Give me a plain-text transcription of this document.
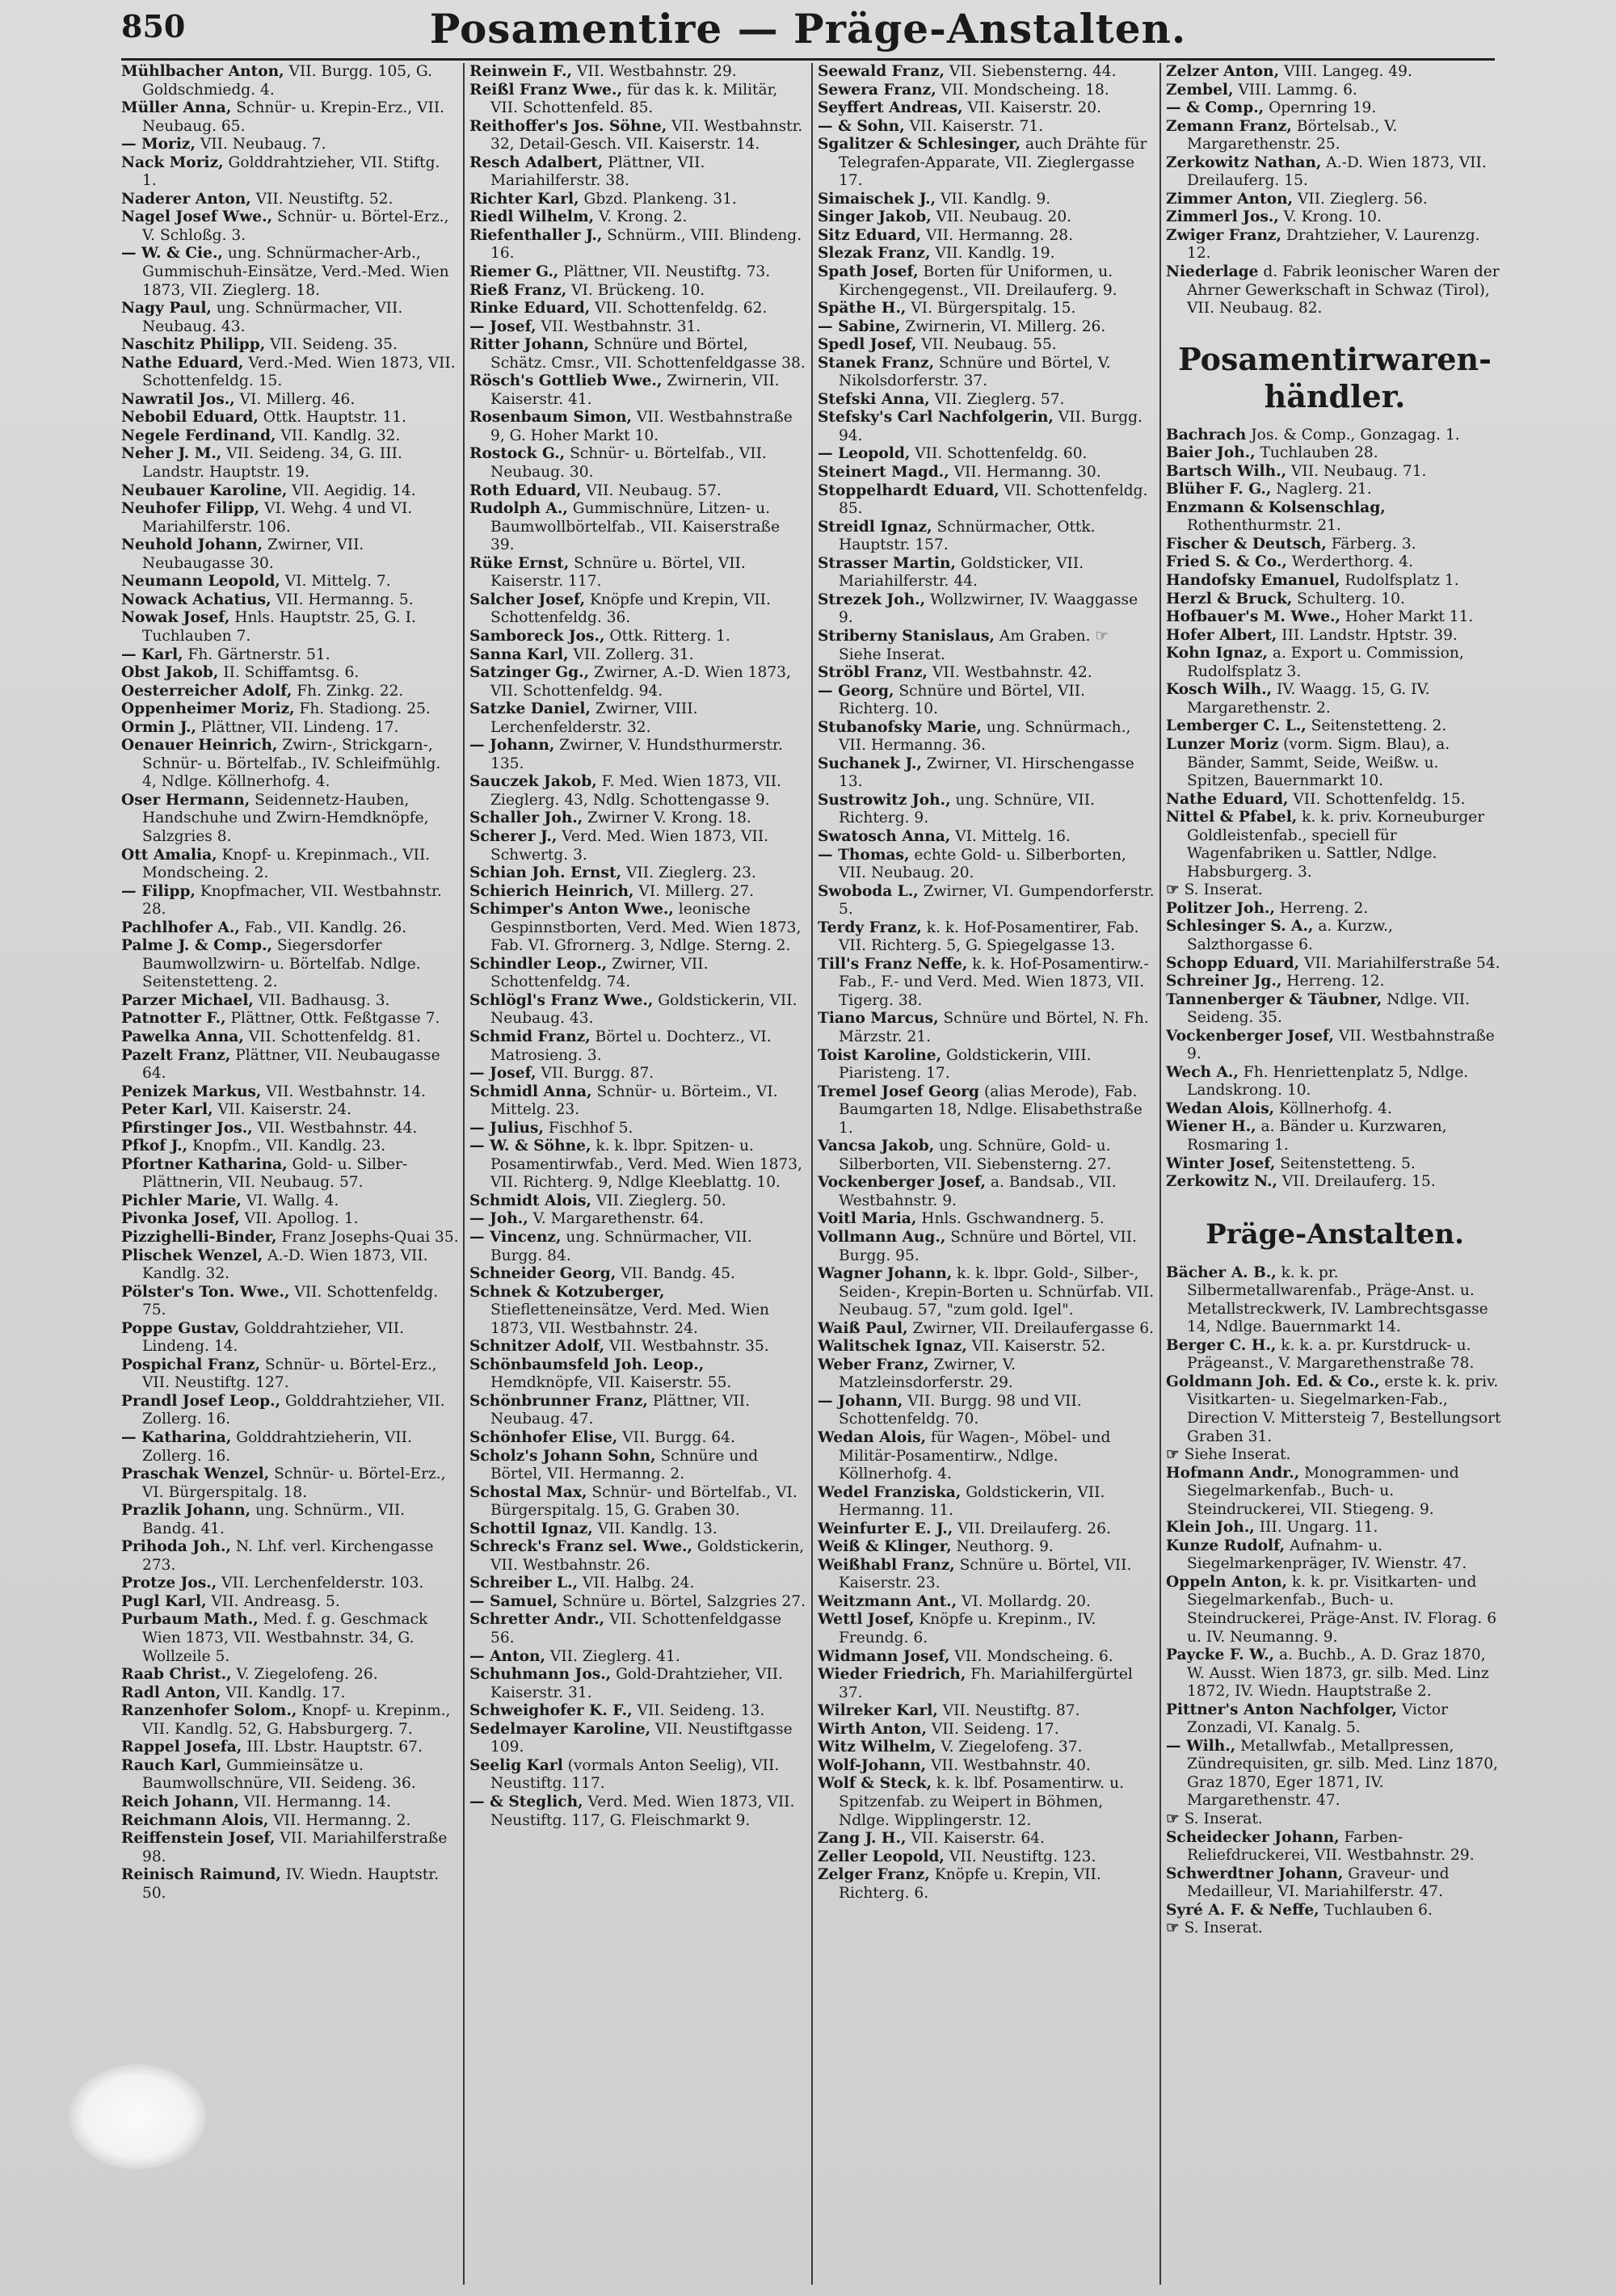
850	Posamentire — Präge-Anstalten.

Mühlbacher Anton, VII. Burgg. 105, G. Goldschmiedg. 4.

Müller Anna, Schnür- u. Krepin-Erz., VII. Neubaug. 65.

— Moriz, VII. Neubaug. 7.

Nack Moriz, Golddrahtzieher, VII. Stiftg. 1.

Naderer Anton, VII. Neustiftg. 52.

Nagel Josef Wwe., Schnür- u. Börtel-Erz., V. Schloßg. 3.

— W. & Cie., ung. Schnürmacher-Arb., Gummischuh-Einsätze, Verd.-Med. Wien 1873, VII. Zieglerg. 18.

Nagy Paul, ung. Schnürmacher, VII. Neubaug. 43.

Naschitz Philipp, VII. Seideng. 35.

Nathe Eduard, Verd.-Med. Wien 1873, VII. Schottenfeldg. 15.

Nawratil Jos., VI. Millerg. 46.

Nebobil Eduard, Ottk. Hauptstr. 11.

Negele Ferdinand, VII. Kandlg. 32.

Neher J. M., VII. Seideng. 34, G. III. Landstr. Hauptstr. 19.

Neubauer Karoline, VII. Aegidig. 14.

Neuhofer Filipp, VI. Wehg. 4 und VI. Mariahilferstr. 106.

Neuhold Johann, Zwirner, VII. Neubaugasse 30.

Neumann Leopold, VI. Mittelg. 7.

Nowack Achatius, VII. Hermanng. 5.

Nowak Josef, Hnls. Hauptstr. 25, G. I. Tuchlauben 7.

— Karl, Fh. Gärtnerstr. 51.

Obst Jakob, II. Schiffamtsg. 6.

Oesterreicher Adolf, Fh. Zinkg. 22.

Oppenheimer Moriz, Fh. Stadiong. 25.

Ormin J., Plättner, VII. Lindeng. 17.

Oenauer Heinrich, Zwirn-, Strickgarn-, Schnür- u. Börtelfab., IV. Schleifmühlg. 4, Ndlge. Köllnerhofg. 4.

Oser Hermann, Seidennetz-Hauben, Handschuhe und Zwirn-Hemdknöpfe, Salzgries 8.

Ott Amalia, Knopf- u. Krepinmach., VII. Mondscheing. 2.

— Filipp, Knopfmacher, VII. Westbahnstr. 28.

Pachlhofer A., Fab., VII. Kandlg. 26.

Palme J. & Comp., Siegersdorfer Baumwollzwirn- u. Börtelfab. Ndlge. Seitenstetteng. 2.

Parzer Michael, VII. Badhausg. 3.

Patnotter F., Plättner, Ottk. Feßtgasse 7.

Pawelka Anna, VII. Schottenfeldg. 81.

Pazelt Franz, Plättner, VII. Neubaugasse 64.

Penizek Markus, VII. Westbahnstr. 14.

Peter Karl, VII. Kaiserstr. 24.

Pfirstinger Jos., VII. Westbahnstr. 44.

Pfkof J., Knopfm., VII. Kandlg. 23.

Pfortner Katharina, Gold- u. Silber-Plättnerin, VII. Neubaug. 57.

Pichler Marie, VI. Wallg. 4.

Pivonka Josef, VII. Apollog. 1.

Pizzighelli-Binder, Franz Josephs-Quai 35.

Plischek Wenzel, A.-D. Wien 1873, VII. Kandlg. 32.

Pölster's Ton. Wwe., VII. Schottenfeldg. 75.

Poppe Gustav, Golddrahtzieher, VII. Lindeng. 14.

Pospichal Franz, Schnür- u. Börtel-Erz., VII. Neustiftg. 127.

Prandl Josef Leop., Golddrahtzieher, VII. Zollerg. 16.

— Katharina, Golddrahtzieherin, VII. Zollerg. 16.

Praschak Wenzel, Schnür- u. Börtel-Erz., VI. Bürgerspitalg. 18.

Prazlik Johann, ung. Schnürm., VII. Bandg. 41.

Prihoda Joh., N. Lhf. verl. Kirchengasse 273.

Protze Jos., VII. Lerchenfelderstr. 103.

Pugl Karl, VII. Andreasg. 5.

Purbaum Math., Med. f. g. Geschmack Wien 1873, VII. Westbahnstr. 34, G. Wollzeile 5.

Raab Christ., V. Ziegelofeng. 26.

Radl Anton, VII. Kandlg. 17.

Ranzenhofer Solom., Knopf- u. Krepinm., VII. Kandlg. 52, G. Habsburgerg. 7.

Rappel Josefa, III. Lbstr. Hauptstr. 67.

Rauch Karl, Gummieinsätze u. Baumwollschnüre, VII. Seideng. 36.

Reich Johann, VII. Hermanng. 14.

Reichmann Alois, VII. Hermanng. 2.

Reiffenstein Josef, VII. Mariahilferstraße 98.

Reinisch Raimund, IV. Wiedn. Hauptstr. 50.

Reinwein F., VII. Westbahnstr. 29.

Reißl Franz Wwe., für das k. k. Militär, VII. Schottenfeld. 85.

Reithoffer's Jos. Söhne, VII. Westbahnstr. 32, Detail-Gesch. VII. Kaiserstr. 14.

Resch Adalbert, Plättner, VII. Mariahilferstr. 38.

Richter Karl, Gbzd. Plankeng. 31.

Riedl Wilhelm, V. Krong. 2.

Riefenthaller J., Schnürm., VIII. Blindeng. 16.

Riemer G., Plättner, VII. Neustiftg. 73.

Rieß Franz, VI. Brückeng. 10.

Rinke Eduard, VII. Schottenfeldg. 62.

— Josef, VII. Westbahnstr. 31.

Ritter Johann, Schnüre und Börtel, Schätz. Cmsr., VII. Schottenfeldgasse 38.

Rösch's Gottlieb Wwe., Zwirnerin, VII. Kaiserstr. 41.

Rosenbaum Simon, VII. Westbahnstraße 9, G. Hoher Markt 10.

Rostock G., Schnür- u. Börtelfab., VII. Neubaug. 30.

Roth Eduard, VII. Neubaug. 57.

Rudolph A., Gummischnüre, Litzen- u. Baumwollbörtelfab., VII. Kaiserstraße 39.

Rüke Ernst, Schnüre u. Börtel, VII. Kaiserstr. 117.

Salcher Josef, Knöpfe und Krepin, VII. Schottenfeldg. 36.

Samboreck Jos., Ottk. Ritterg. 1.

Sanna Karl, VII. Zollerg. 31.

Satzinger Gg., Zwirner, A.-D. Wien 1873, VII. Schottenfeldg. 94.

Satzke Daniel, Zwirner, VIII. Lerchenfelderstr. 32.

— Johann, Zwirner, V. Hundsthurmerstr. 135.

Sauczek Jakob, F. Med. Wien 1873, VII. Zieglerg. 43, Ndlg. Schottengasse 9.

Schaller Joh., Zwirner V. Krong. 18.

Scherer J., Verd. Med. Wien 1873, VII. Schwertg. 3.

Schian Joh. Ernst, VII. Zieglerg. 23.

Schierich Heinrich, VI. Millerg. 27.

Schimper's Anton Wwe., leonische Gespinnstborten, Verd. Med. Wien 1873, Fab. VI. Gfrornerg. 3, Ndlge. Sterng. 2.

Schindler Leop., Zwirner, VII. Schottenfeldg. 74.

Schlögl's Franz Wwe., Goldstickerin, VII. Neubaug. 43.

Schmid Franz, Börtel u. Dochterz., VI. Matrosieng. 3.

— Josef, VII. Burgg. 87.

Schmidl Anna, Schnür- u. Börteim., VI. Mittelg. 23.

— Julius, Fischhof 5.

— W. & Söhne, k. k. lbpr. Spitzen- u. Posamentirwfab., Verd. Med. Wien 1873, VII. Richterg. 9, Ndlge Kleeblattg. 10.

Schmidt Alois, VII. Zieglerg. 50.

— Joh., V. Margarethenstr. 64.

— Vincenz, ung. Schnürmacher, VII. Burgg. 84.

Schneider Georg, VII. Bandg. 45.

Schnek & Kotzuberger, Stiefletteneinsätze, Verd. Med. Wien 1873, VII. Westbahnstr. 24.

Schnitzer Adolf, VII. Westbahnstr. 35.

Schönbaumsfeld Joh. Leop., Hemdknöpfe, VII. Kaiserstr. 55.

Schönbrunner Franz, Plättner, VII. Neubaug. 47.

Schönhofer Elise, VII. Burgg. 64.

Scholz's Johann Sohn, Schnüre und Börtel, VII. Hermanng. 2.

Schostal Max, Schnür- und Börtelfab., VI. Bürgerspitalg. 15, G. Graben 30.

Schottil Ignaz, VII. Kandlg. 13.

Schreck's Franz sel. Wwe., Goldstickerin, VII. Westbahnstr. 26.

Schreiber L., VII. Halbg. 24.

— Samuel, Schnüre u. Börtel, Salzgries 27.

Schretter Andr., VII. Schottenfeldgasse 56.

— Anton, VII. Zieglerg. 41.

Schuhmann Jos., Gold-Drahtzieher, VII. Kaiserstr. 31.

Schweighofer K. F., VII. Seideng. 13.

Sedelmayer Karoline, VII. Neustiftgasse 109.

Seelig Karl (vormals Anton Seelig), VII. Neustiftg. 117.

— & Steglich, Verd. Med. Wien 1873, VII. Neustiftg. 117, G. Fleischmarkt 9.

Seewald Franz, VII. Siebensterng. 44.

Sewera Franz, VII. Mondscheing. 18.

Seyffert Andreas, VII. Kaiserstr. 20.

— & Sohn, VII. Kaiserstr. 71.

Sgalitzer & Schlesinger, auch Drähte für Telegrafen-Apparate, VII. Zieglergasse 17.

Simaischek J., VII. Kandlg. 9.

Singer Jakob, VII. Neubaug. 20.

Sitz Eduard, VII. Hermanng. 28.

Slezak Franz, VII. Kandlg. 19.

Spath Josef, Borten für Uniformen, u. Kirchengegenst., VII. Dreilauferg. 9.

Späthe H., VI. Bürgerspitalg. 15.

— Sabine, Zwirnerin, VI. Millerg. 26.

Spedl Josef, VII. Neubaug. 55.

Stanek Franz, Schnüre und Börtel, V. Nikolsdorferstr. 37.

Stefski Anna, VII. Zieglerg. 57.

Stefsky's Carl Nachfolgerin, VII. Burgg. 94.

— Leopold, VII. Schottenfeldg. 60.

Steinert Magd., VII. Hermanng. 30.

Stoppelhardt Eduard, VII. Schottenfeldg. 85.

Streidl Ignaz, Schnürmacher, Ottk. Hauptstr. 157.

Strasser Martin, Goldsticker, VII. Mariahilferstr. 44.

Strezek Joh., Wollzwirner, IV. Waaggasse 9.

Striberny Stanislaus, Am Graben. ☞ Siehe Inserat.

Ströbl Franz, VII. Westbahnstr. 42.

— Georg, Schnüre und Börtel, VII. Richterg. 10.

Stubanofsky Marie, ung. Schnürmach., VII. Hermanng. 36.

Suchanek J., Zwirner, VI. Hirschengasse 13.

Sustrowitz Joh., ung. Schnüre, VII. Richterg. 9.

Swatosch Anna, VI. Mittelg. 16.

— Thomas, echte Gold- u. Silberborten, VII. Neubaug. 20.

Swoboda L., Zwirner, VI. Gumpendorferstr. 5.

Terdy Franz, k. k. Hof-Posamentirer, Fab. VII. Richterg. 5, G. Spiegelgasse 13.

Till's Franz Neffe, k. k. Hof-Posamentirw.-Fab., F.- und Verd. Med. Wien 1873, VII. Tigerg. 38.

Tiano Marcus, Schnüre und Börtel, N. Fh. Märzstr. 21.

Toist Karoline, Goldstickerin, VIII. Piaristeng. 17.

Tremel Josef Georg (alias Merode), Fab. Baumgarten 18, Ndlge. Elisabethstraße 1.

Vancsa Jakob, ung. Schnüre, Gold- u. Silberborten, VII. Siebensterng. 27.

Vockenberger Josef, a. Bandsab., VII. Westbahnstr. 9.

Voitl Maria, Hnls. Gschwandnerg. 5.

Vollmann Aug., Schnüre und Börtel, VII. Burgg. 95.

Wagner Johann, k. k. lbpr. Gold-, Silber-, Seiden-, Krepin-Borten u. Schnürfab. VII. Neubaug. 57, "zum gold. Igel".

Waiß Paul, Zwirner, VII. Dreilaufergasse 6.

Walitschek Ignaz, VII. Kaiserstr. 52.

Weber Franz, Zwirner, V. Matzleinsdorferstr. 29.

— Johann, VII. Burgg. 98 und VII. Schottenfeldg. 70.

Wedan Alois, für Wagen-, Möbel- und Militär-Posamentirw., Ndlge. Köllnerhofg. 4.

Wedel Franziska, Goldstickerin, VII. Hermanng. 11.

Weinfurter E. J., VII. Dreilauferg. 26.

Weiß & Klinger, Neuthorg. 9.

Weißhabl Franz, Schnüre u. Börtel, VII. Kaiserstr. 23.

Weitzmann Ant., VI. Mollardg. 20.

Wettl Josef, Knöpfe u. Krepinm., IV. Freundg. 6.

Widmann Josef, VII. Mondscheing. 6.

Wieder Friedrich, Fh. Mariahilfergürtel 37.

Wilreker Karl, VII. Neustiftg. 87.

Wirth Anton, VII. Seideng. 17.

Witz Wilhelm, V. Ziegelofeng. 37.

Wolf-Johann, VII. Westbahnstr. 40.

Wolf & Steck, k. k. lbf. Posamentirw. u. Spitzenfab. zu Weipert in Böhmen, Ndlge. Wipplingerstr. 12.

Zang J. H., VII. Kaiserstr. 64.

Zeller Leopold, VII. Neustiftg. 123.

Zelger Franz, Knöpfe u. Krepin, VII. Richterg. 6.

Zelzer Anton, VIII. Langeg. 49.

Zembel, VIII. Lammg. 6.

— & Comp., Opernring 19.

Zemann Franz, Börtelsab., V. Margarethenstr. 25.

Zerkowitz Nathan, A.-D. Wien 1873, VII. Dreilauferg. 15.

Zimmer Anton, VII. Zieglerg. 56.

Zimmerl Jos., V. Krong. 10.

Zwiger Franz, Drahtzieher, V. Laurenzg. 12.

Niederlage d. Fabrik leonischer Waren der Ahrner Gewerkschaft in Schwaz (Tirol), VII. Neubaug. 82.

Posamentirwaren-händler.

Bachrach Jos. & Comp., Gonzagag. 1.

Baier Joh., Tuchlauben 28.

Bartsch Wilh., VII. Neubaug. 71.

Blüher F. G., Naglerg. 21.

Enzmann & Kolsenschlag, Rothenthurmstr. 21.

Fischer & Deutsch, Färberg. 3.

Fried S. & Co., Werderthorg. 4.

Handofsky Emanuel, Rudolfsplatz 1.

Herzl & Bruck, Schulterg. 10.

Hofbauer's M. Wwe., Hoher Markt 11.

Hofer Albert, III. Landstr. Hptstr. 39.

Kohn Ignaz, a. Export u. Commission, Rudolfsplatz 3.

Kosch Wilh., IV. Waagg. 15, G. IV. Margarethenstr. 2.

Lemberger C. L., Seitenstetteng. 2.

Lunzer Moriz (vorm. Sigm. Blau), a. Bänder, Sammt, Seide, Weißw. u. Spitzen, Bauernmarkt 10.

Nathe Eduard, VII. Schottenfeldg. 15.

Nittel & Pfabel, k. k. priv. Korneuburger Goldleistenfab., speciell für Wagenfabriken u. Sattler, Ndlge. Habsburgerg. 3.

☞ S. Inserat.

Politzer Joh., Herreng. 2.

Schlesinger S. A., a. Kurzw., Salzthorgasse 6.

Schopp Eduard, VII. Mariahilferstraße 54.

Schreiner Jg., Herreng. 12.

Tannenberger & Täubner, Ndlge. VII. Seideng. 35.

Vockenberger Josef, VII. Westbahnstraße 9.

Wech A., Fh. Henriettenplatz 5, Ndlge. Landskrong. 10.

Wedan Alois, Köllnerhofg. 4.

Wiener H., a. Bänder u. Kurzwaren, Rosmaring 1.

Winter Josef, Seitenstetteng. 5.

Zerkowitz N., VII. Dreilauferg. 15.

Präge-Anstalten.

Bächer A. B., k. k. pr. Silbermetallwarenfab., Präge-Anst. u. Metallstreckwerk, IV. Lambrechtsgasse 14, Ndlge. Bauernmarkt 14.

Berger C. H., k. k. a. pr. Kurstdruck- u. Prägeanst., V. Margarethenstraße 78.

Goldmann Joh. Ed. & Co., erste k. k. priv. Visitkarten- u. Siegelmarken-Fab., Direction V. Mittersteig 7, Bestellungsort Graben 31.

☞ Siehe Inserat.

Hofmann Andr., Monogrammen- und Siegelmarkenfab., Buch- u. Steindruckerei, VII. Stiegeng. 9.

Klein Joh., III. Ungarg. 11.

Kunze Rudolf, Aufnahm- u. Siegelmarkenpräger, IV. Wienstr. 47.

Oppeln Anton, k. k. pr. Visitkarten- und Siegelmarkenfab., Buch- u. Steindruckerei, Präge-Anst. IV. Florag. 6 u. IV. Neumanng. 9.

Paycke F. W., a. Buchb., A. D. Graz 1870, W. Ausst. Wien 1873, gr. silb. Med. Linz 1872, IV. Wiedn. Hauptstraße 2.

Pittner's Anton Nachfolger, Victor Zonzadi, VI. Kanalg. 5.

— Wilh., Metallwfab., Metallpressen, Zündrequisiten, gr. silb. Med. Linz 1870, Graz 1870, Eger 1871, IV. Margarethenstr. 47.

☞ S. Inserat.

Scheidecker Johann, Farben-Reliefdruckerei, VII. Westbahnstr. 29.

Schwerdtner Johann, Graveur- und Medailleur, VI. Mariahilferstr. 47.

Syré A. F. & Neffe, Tuchlauben 6.

☞ S. Inserat.
